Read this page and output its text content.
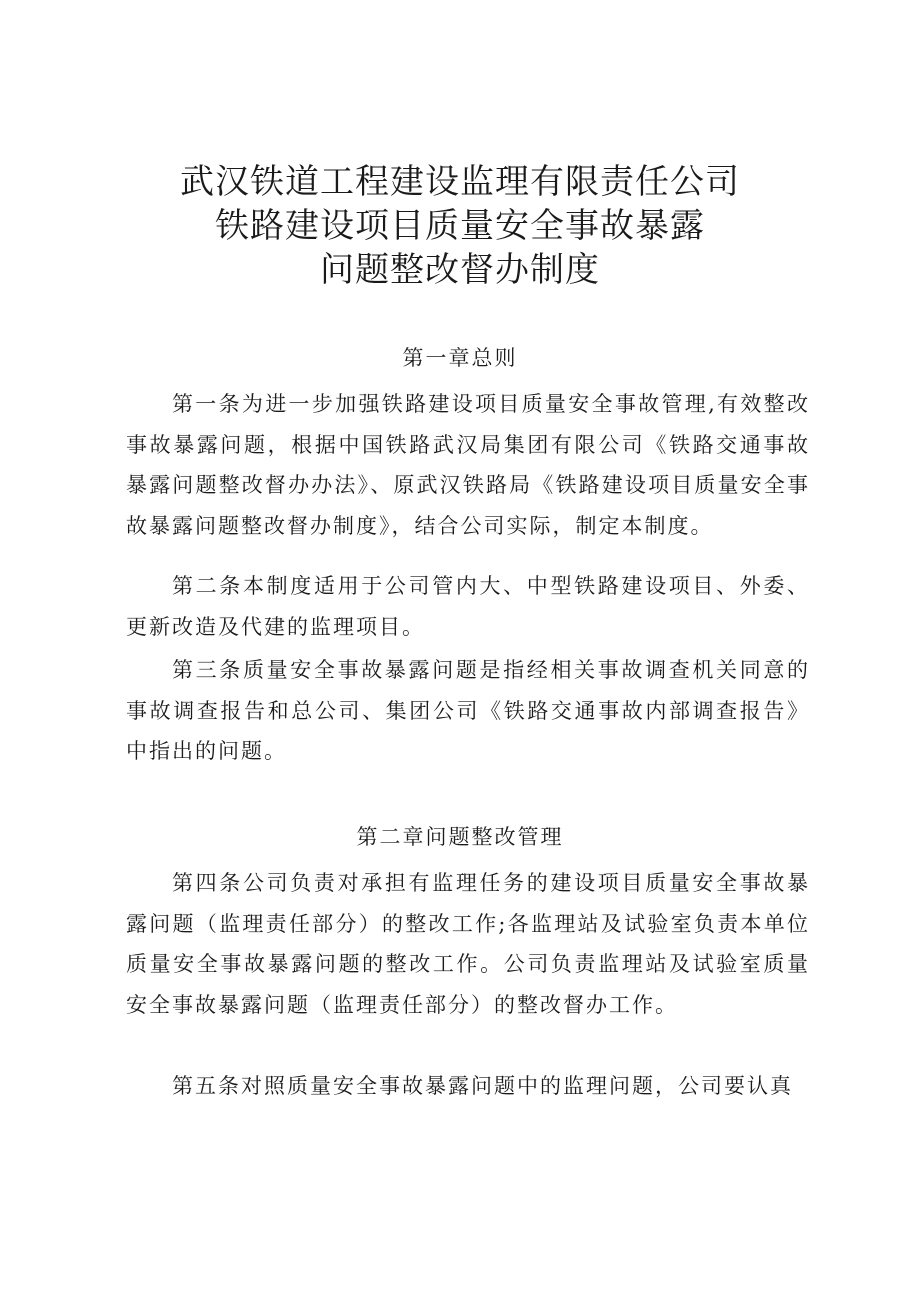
武汉铁道工程建设监理有限责任公司
铁路建设项目质量安全事故暴露
问题整改督办制度
第一章总则
第一条为进一步加强铁路建设项目质量安全事故管理,有效整改事故暴露问题，根据中国铁路武汉局集团有限公司《铁路交通事故暴露问题整改督办办法》、原武汉铁路局《铁路建设项目质量安全事故暴露问题整改督办制度》，结合公司实际，制定本制度。
第二条本制度适用于公司管内大、中型铁路建设项目、外委、更新改造及代建的监理项目。
第三条质量安全事故暴露问题是指经相关事故调查机关同意的事故调查报告和总公司、集团公司《铁路交通事故内部调查报告》中指出的问题。
第二章问题整改管理
第四条公司负责对承担有监理任务的建设项目质量安全事故暴露问题（监理责任部分）的整改工作;各监理站及试验室负责本单位质量安全事故暴露问题的整改工作。公司负责监理站及试验室质量安全事故暴露问题（监理责任部分）的整改督办工作。
第五条对照质量安全事故暴露问题中的监理问题，公司要认真
